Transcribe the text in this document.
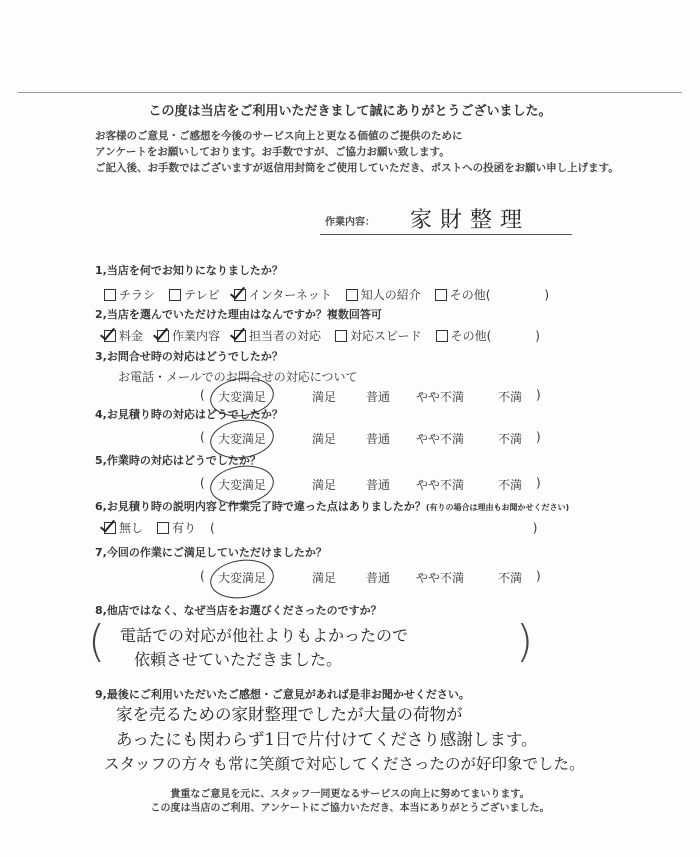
この度は当店をご利用いただきまして誠にありがとうございました。
お客様のご意見・ご感想を今後のサービス向上と更なる価値のご提供のために
アンケートをお願いしております。お手数ですが、ご協力お願い致します。
ご記入後、お手数ではございますが返信用封筒をご使用していただき、ポストへの投函をお願い申し上げます。
作業内容： 家財整理
1,当店を何でお知りになりましたか？
チラシ テレビ インターネット 知人の紹介 その他(	)
2,当店を選んでいただけた理由はなんですか？複数回答可
料金 作業内容 担当者の対応 対応スピード その他(	)
3,お問合せ時の対応はどうでしたか？
お電話・メールでのお問合せの対応について
( 大変満足	満足 普通 やや不満	不満 )
4,お見積り時の対応はどうでしたか？
( 大変満足	満足 普通 やや不満	不満 )
5,作業時の対応はどうでしたか？
( 大変満足	満足 普通 やや不満	不満 )
6,お見積り時の説明内容と作業完了時で違った点はありましたか？(有りの場合は理由もお聞かせください)
無し 有り (	)
7,今回の作業にご満足していただけましたか？
( 大変満足	満足 普通 やや不満	不満 )
8,他店ではなく、なぜ当店をお選びくださったのですか？
(	)
電話での対応が他社よりもよかったので
依頼させていただきました。
9,最後にご利用いただいたご感想・ご意見があれば是非お聞かせください。
家を売るための家財整理でしたが大量の荷物が
あったにも関わらず1日で片付けてくださり感謝します。
スタッフの方々も常に笑顔で対応してくださったのが好印象でした。
貴重なご意見を元に、スタッフ一同更なるサービスの向上に努めてまいります。
この度は当店のご利用、アンケートにご協力いただき、本当にありがとうございました。
